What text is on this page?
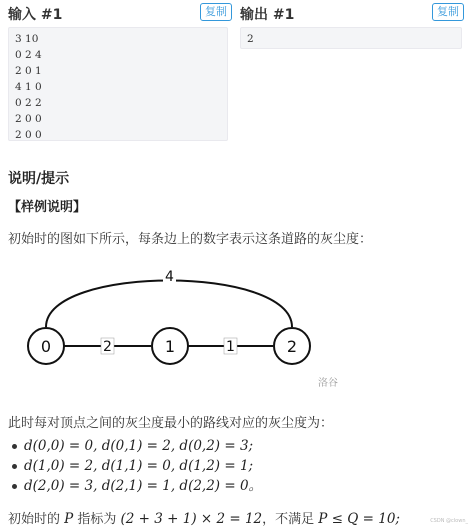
输入 #1	复制
3 10
0 2 4
2 0 1
4 1 0
0 2 2
2 0 0
2 0 0
输出 #1	复制
2
说明/提示
【样例说明】
初始时的图如下所示，每条边上的数字表示这条道路的灰尘度：
2	1
4
0	1	2
洛谷
此时每对顶点之间的灰尘度最小的路线对应的灰尘度为：
d(0,0) = 0, d(0,1) = 2, d(0,2) = 3;
d(1,0) = 2, d(1,1) = 0, d(1,2) = 1;
d(2,0) = 3, d(2,1) = 1, d(2,2) = 0。
初始时的 P 指标为 (2 + 3 + 1) × 2 = 12，不满足 P ≤ Q = 10;	CSDN @clown_
